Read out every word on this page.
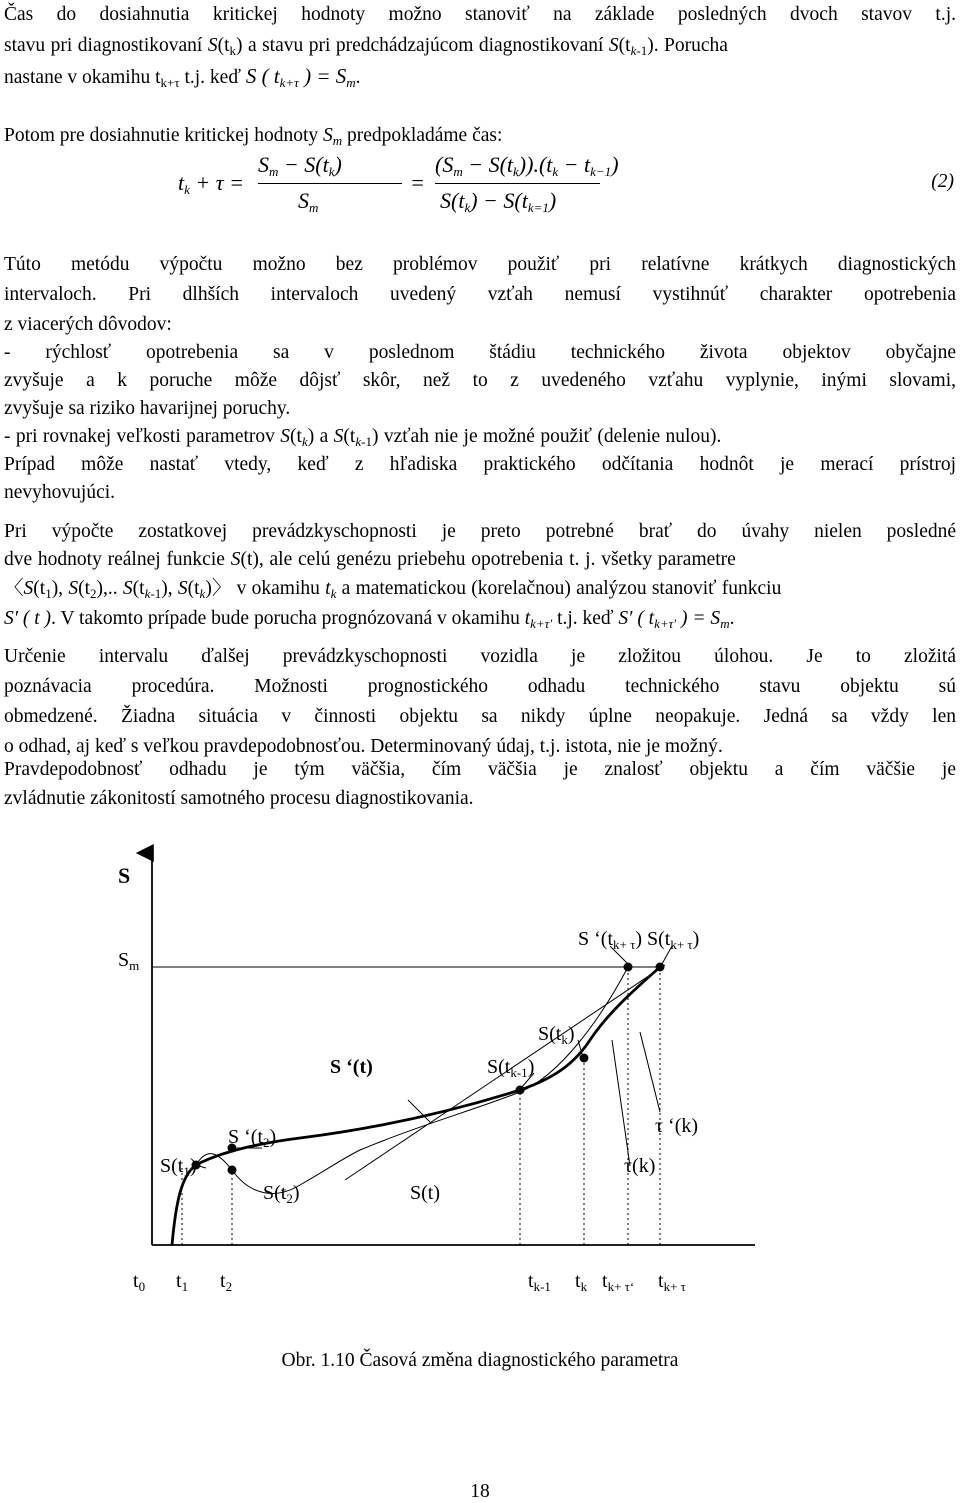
Čas do dosiahnutia kritickej hodnoty možno stanoviť na základe posledných dvoch stavov t.j.
stavu pri diagnostikovaní $S(t_k)$ a stavu pri predchádzajúcom diagnostikovaní $S(t_{k-1})$. Porucha
nastane v okamihu $t_{k+\tau}$ t.j. keď S ( $t_{k+\tau}$ ) = $S_m$.
Potom pre dosiahnutie kritickej hodnoty $S_m$ predpokladáme čas:
$t_k + \tau$ =
$S_m - S(t_k)$
$S_m$
=
$(S_m - S(t_k)).(t_k - t_{k-1})$
$S(t_k) - S(t_{k=1})$
(2)
Túto metódu výpočtu možno bez problémov použiť pri relatívne krátkych diagnostických
intervaloch. Pri dlhších intervaloch uvedený vzťah nemusí vystihnúť charakter opotrebenia
z viacerých dôvodov:
- rýchlosť opotrebenia sa v poslednom štádiu technického života objektov obyčajne
zvyšuje a k poruche môže dôjsť skôr, než to z uvedeného vzťahu vyplynie, inými slovami,
zvyšuje sa riziko havarijnej poruchy.
- pri rovnakej veľkosti parametrov $S(t_k)$ a $S(t_{k-1})$ vzťah nie je možné použiť (delenie nulou).
Prípad môže nastať vtedy, keď z hľadiska praktického odčítania hodnôt je merací prístroj
nevyhovujúci.
Pri výpočte zostatkovej prevádzkyschopnosti je preto potrebné brať do úvahy nielen posledné
dve hodnoty reálnej funkcie S(t), ale celú genézu priebehu opotrebenia t. j. všetky parametre
〈$S(t_1)$, $S(t_2)$,.. $S(t_{k-1})$, $S(t_k)$〉 v okamihu $t_k$ a matematickou (korelačnou) analýzou stanoviť funkciu
S′ ( t ). V takomto prípade bude porucha prognózovaná v okamihu $t_{k+\tau'}$ t.j. keď S′ ( $t_{k+\tau'}$ ) = $S_m$.
Určenie intervalu ďalšej prevádzkyschopnosti vozidla je zložitou úlohou. Je to zložitá
poznávacia procedúra. Možnosti prognostického odhadu technického stavu objektu sú
obmedzené. Žiadna situácia v činnosti objektu sa nikdy úplne neopakuje. Jedná sa vždy len
o odhad, aj keď s veľkou pravdepodobnosťou. Determinovaný údaj, t.j. istota, nie je možný.
Pravdepodobnosť odhadu je tým väčšia, čím väčšia je znalosť objektu a čím väčšie je
zvládnutie zákonitostí samotného procesu diagnostikovania.
S
$S_m$
S ‘$(t_{k+ \tau})$ $S(t_{k+ \tau})$
$S(t_k)$
S ‘(t)	$S(t_k-1)$
τ ‘(k)
S ‘$(t_2)$
$S(t_1)$	τ(k)
$S(t_2)$	S(t)
$t_0$ $t_1$ $t_2$	$t_{k-1}$ $t_k$ $t_{k+ \tau‘}$ $t_{k+ \tau}$
Obr. 1.10 Časová změna diagnostického parametra
18
